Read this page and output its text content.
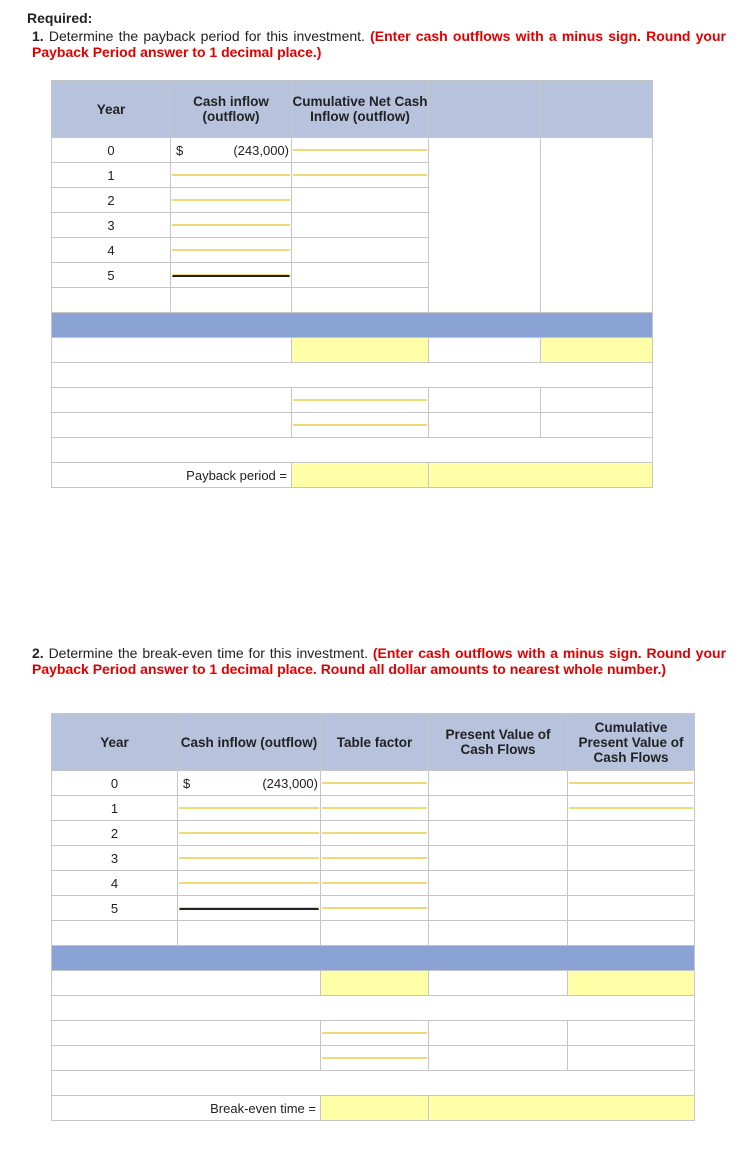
Required:
1. Determine the payback period for this investment. (Enter cash outflows with a minus sign. Round your Payback Period answer to 1 decimal place.)
Year	Cash inflow (outflow)	Cumulative Net Cash Inflow (outflow)		
0	$ (243,000)			

1			

2			

3			

4			

5			

Payback period =				
2. Determine the break-even time for this investment. (Enter cash outflows with a minus sign. Round your Payback Period answer to 1 decimal place. Round all dollar amounts to nearest whole number.)
Year	Cash inflow (outflow)	Table factor	Present Value of Cash Flows	Cumulative Present Value of Cash Flows
0	$ (243,000)			

1	

2	

3	

4	

5	

Break-even time =				
